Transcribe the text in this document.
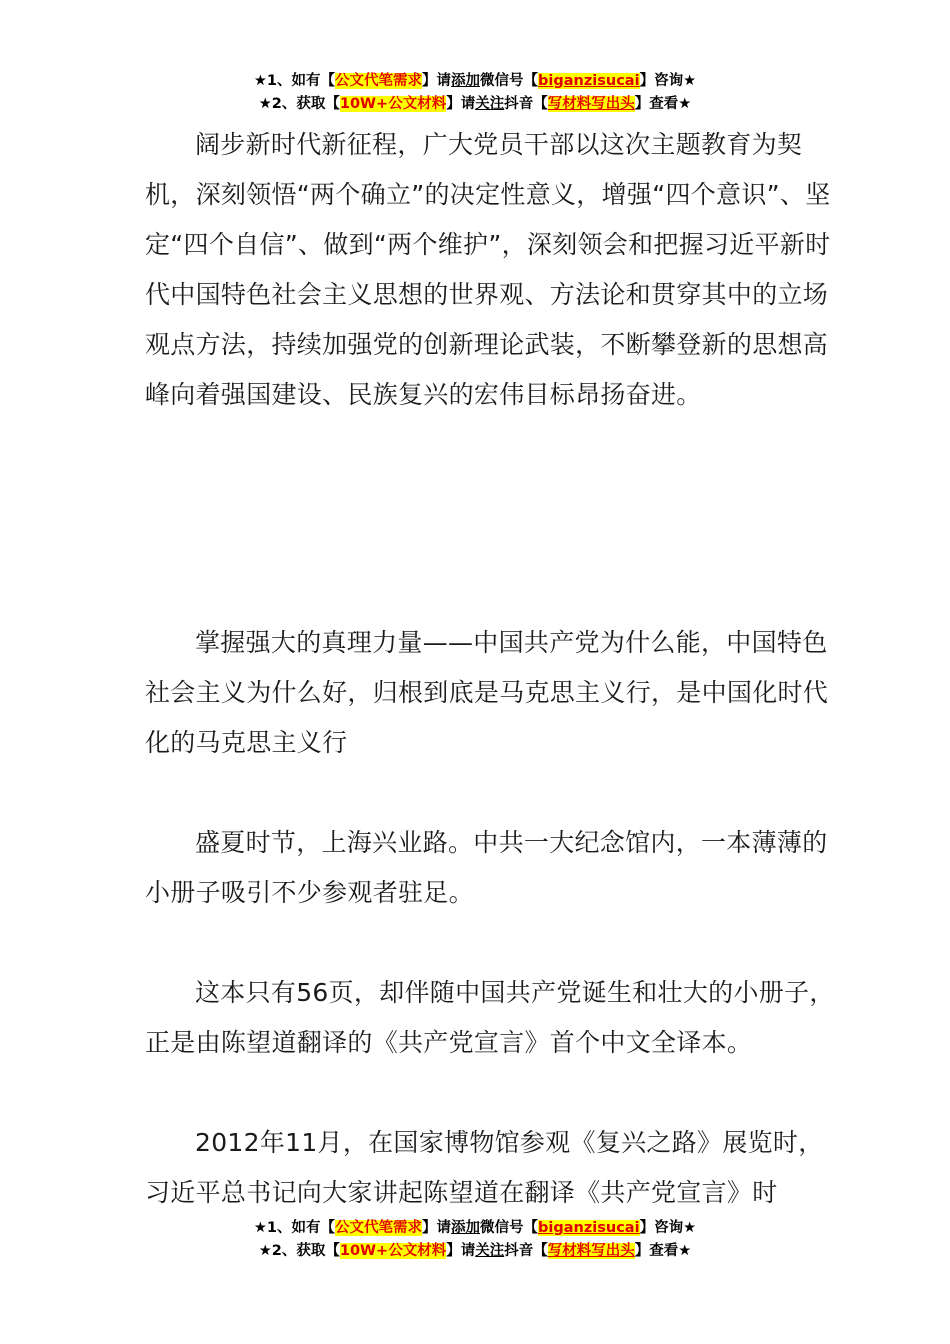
★1、如有【公文代笔需求】请添加微信号【biganzisucai】咨询★
★2、获取【10W+公文材料】请关注抖音【写材料写出头】查看★

阔步新时代新征程，广大党员干部以这次主题教育为契机，深刻领悟“两个确立”的决定性意义，增强“四个意识”、坚定“四个自信”、做到“两个维护”，深刻领会和把握习近平新时代中国特色社会主义思想的世界观、方法论和贯穿其中的立场观点方法，持续加强党的创新理论武装，不断攀登新的思想高峰向着强国建设、民族复兴的宏伟目标昂扬奋进。

掌握强大的真理力量——中国共产党为什么能，中国特色社会主义为什么好，归根到底是马克思主义行，是中国化时代化的马克思主义行

盛夏时节，上海兴业路。中共一大纪念馆内，一本薄薄的小册子吸引不少参观者驻足。

这本只有56页，却伴随中国共产党诞生和壮大的小册子，正是由陈望道翻译的《共产党宣言》首个中文全译本。

2012年11月，在国家博物馆参观《复兴之路》展览时，习近平总书记向大家讲起陈望道在翻译《共产党宣言》时

★1、如有【公文代笔需求】请添加微信号【biganzisucai】咨询★
★2、获取【10W+公文材料】请关注抖音【写材料写出头】查看★
